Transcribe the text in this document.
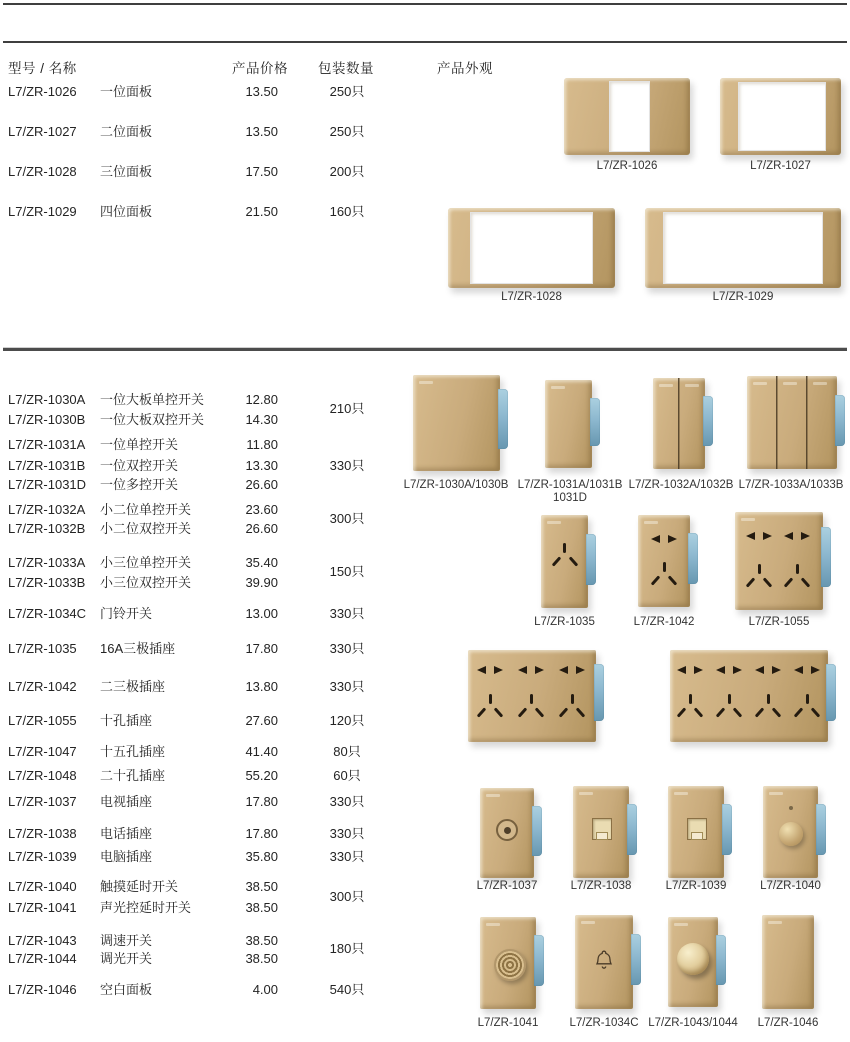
型号 / 名称	产品价格 包装数量	产品外观
L7/ZR-1026	一位面板	13.50	250只
L7/ZR-1027	二位面板	13.50	250只
L7/ZR-1028	三位面板	17.50	200只
L7/ZR-1029	四位面板	21.50	160只
L7/ZR-1026	L7/ZR-1027
L7/ZR-1028	L7/ZR-1029
L7/ZR-1030A	一位大板单控开关	12.80
L7/ZR-1030B	一位大板双控开关	14.30
210只
L7/ZR-1031A	一位单控开关	11.80
L7/ZR-1031B	一位双控开关	13.30
L7/ZR-1031D	一位多控开关	26.60
330只
L7/ZR-1032A	小二位单控开关	23.60
L7/ZR-1032B	小二位双控开关	26.60
300只
L7/ZR-1033A	小三位单控开关	35.40
L7/ZR-1033B	小三位双控开关	39.90
150只
L7/ZR-1034C	门铃开关	13.00	330只
L7/ZR-1035	16A三极插座	17.80	330只
L7/ZR-1042	二三极插座	13.80	330只
L7/ZR-1055	十孔插座	27.60	120只
L7/ZR-1047	十五孔插座	41.40	80只
L7/ZR-1048	二十孔插座	55.20	60只
L7/ZR-1037	电视插座	17.80	330只
L7/ZR-1038	电话插座	17.80	330只
L7/ZR-1039	电脑插座	35.80	330只
L7/ZR-1040	触摸延时开关	38.50
L7/ZR-1041	声光控延时开关	38.50
300只
L7/ZR-1043	调速开关	38.50
L7/ZR-1044	调光开关	38.50
180只
L7/ZR-1046	空白面板	4.00	540只
L7/ZR-1030A/1030B L7/ZR-1031A/1031B
1031D
L7/ZR-1032A/1032B L7/ZR-1033A/1033B
L7/ZR-1035	L7/ZR-1042	L7/ZR-1055
L7/ZR-1037	L7/ZR-1038	L7/ZR-1039	L7/ZR-1040
L7/ZR-1041	L7/ZR-1034C L7/ZR-1043/1044	L7/ZR-1046
